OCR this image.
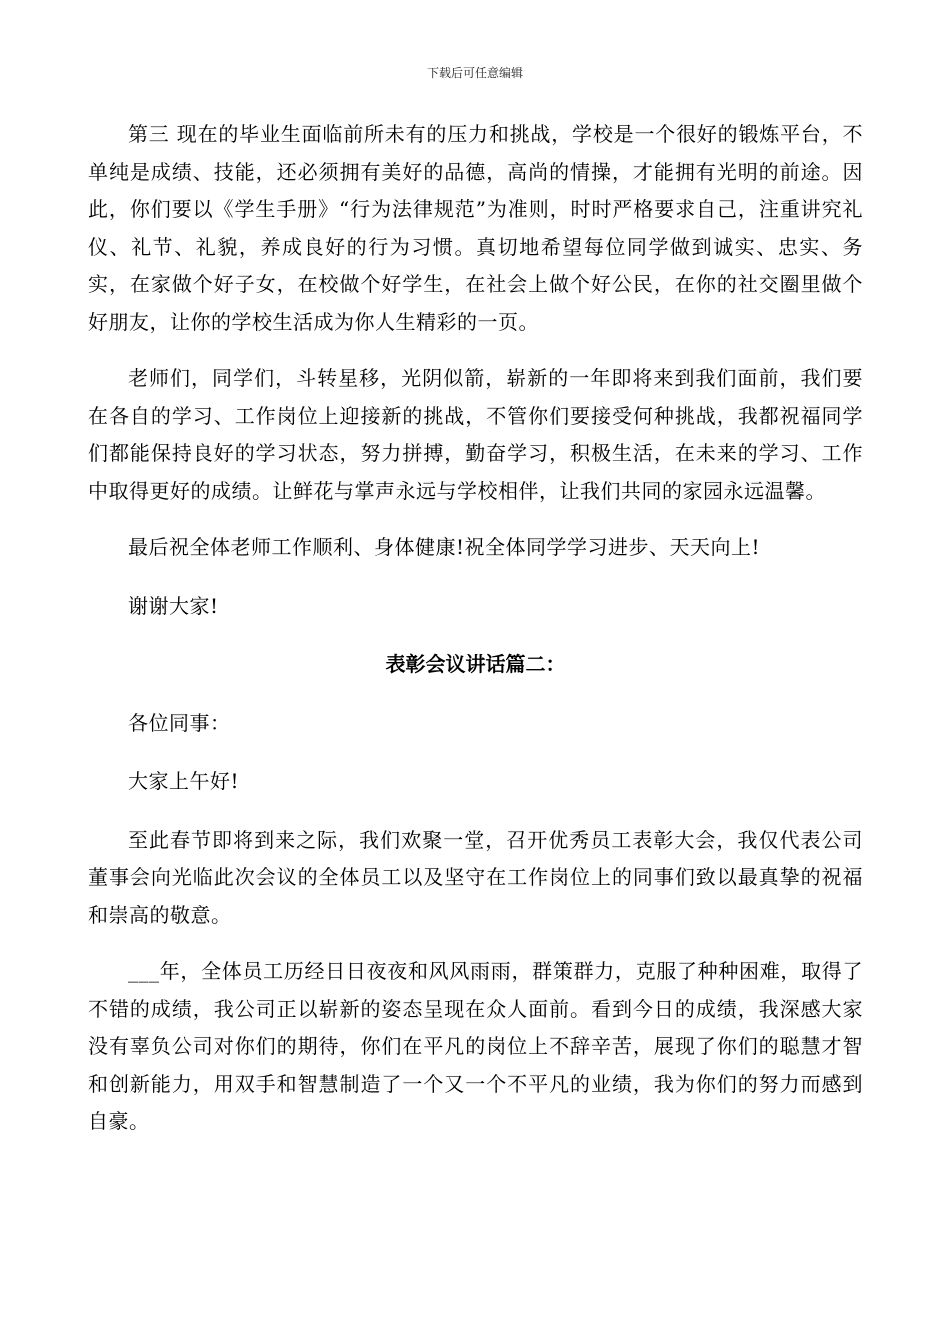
下载后可任意编辑

第三 现在的毕业生面临前所未有的压力和挑战，学校是一个很好的锻炼平台，不单纯是成绩、技能，还必须拥有美好的品德，高尚的情操，才能拥有光明的前途。因此，你们要以《学生手册》“行为法律规范”为准则，时时严格要求自己，注重讲究礼仪、礼节、礼貌，养成良好的行为习惯。真切地希望每位同学做到诚实、忠实、务实，在家做个好子女，在校做个好学生，在社会上做个好公民，在你的社交圈里做个好朋友，让你的学校生活成为你人生精彩的一页。

老师们，同学们，斗转星移，光阴似箭，崭新的一年即将来到我们面前，我们要在各自的学习、工作岗位上迎接新的挑战，不管你们要接受何种挑战，我都祝福同学们都能保持良好的学习状态，努力拼搏，勤奋学习，积极生活，在未来的学习、工作中取得更好的成绩。让鲜花与掌声永远与学校相伴，让我们共同的家园永远温馨。

最后祝全体老师工作顺利、身体健康!祝全体同学学习进步、天天向上!

谢谢大家!

表彰会议讲话篇二：

各位同事：

大家上午好!

至此春节即将到来之际，我们欢聚一堂，召开优秀员工表彰大会，我仅代表公司董事会向光临此次会议的全体员工以及坚守在工作岗位上的同事们致以最真挚的祝福和崇高的敬意。

___年，全体员工历经日日夜夜和风风雨雨，群策群力，克服了种种困难，取得了不错的成绩，我公司正以崭新的姿态呈现在众人面前。看到今日的成绩，我深感大家没有辜负公司对你们的期待，你们在平凡的岗位上不辞辛苦，展现了你们的聪慧才智和创新能力，用双手和智慧制造了一个又一个不平凡的业绩，我为你们的努力而感到自豪。
